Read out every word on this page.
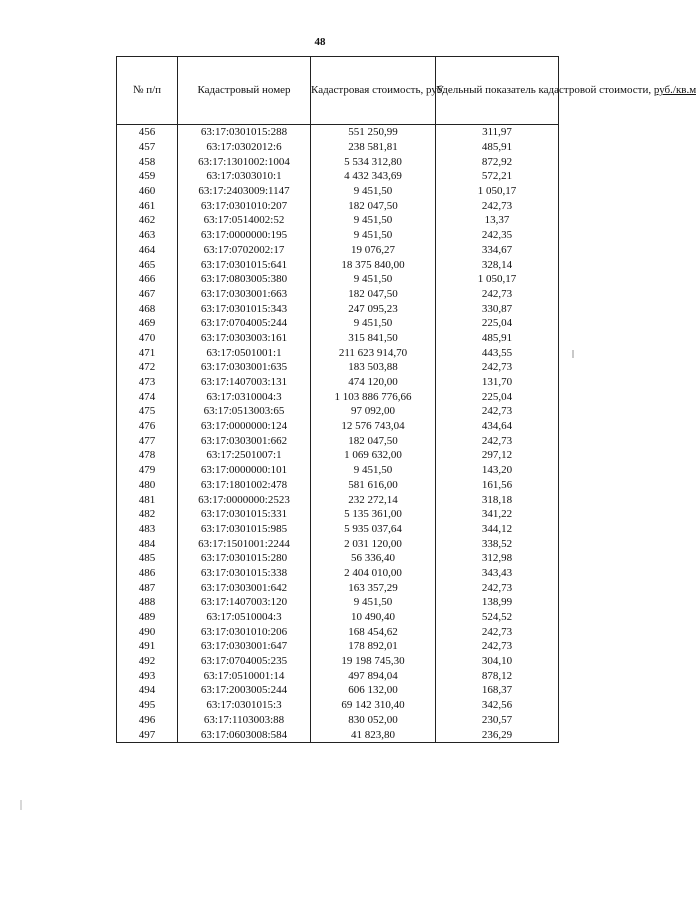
48
№ п/п	Кадастровый номер	Кадастровая стоимость, руб.	Удельный показатель кадастровой стоимости, руб./кв.м
456	63:17:0301015:288	551 250,99	311,97
457	63:17:0302012:6	238 581,81	485,91
458	63:17:1301002:1004	5 534 312,80	872,92
459	63:17:0303010:1	4 432 343,69	572,21
460	63:17:2403009:1147	9 451,50	1 050,17
461	63:17:0301010:207	182 047,50	242,73
462	63:17:0514002:52	9 451,50	13,37
463	63:17:0000000:195	9 451,50	242,35
464	63:17:0702002:17	19 076,27	334,67
465	63:17:0301015:641	18 375 840,00	328,14
466	63:17:0803005:380	9 451,50	1 050,17
467	63:17:0303001:663	182 047,50	242,73
468	63:17:0301015:343	247 095,23	330,87
469	63:17:0704005:244	9 451,50	225,04
470	63:17:0303003:161	315 841,50	485,91
471	63:17:0501001:1	211 623 914,70	443,55
472	63:17:0303001:635	183 503,88	242,73
473	63:17:1407003:131	474 120,00	131,70
474	63:17:0310004:3	1 103 886 776,66	225,04
475	63:17:0513003:65	97 092,00	242,73
476	63:17:0000000:124	12 576 743,04	434,64
477	63:17:0303001:662	182 047,50	242,73
478	63:17:2501007:1	1 069 632,00	297,12
479	63:17:0000000:101	9 451,50	143,20
480	63:17:1801002:478	581 616,00	161,56
481	63:17:0000000:2523	232 272,14	318,18
482	63:17:0301015:331	5 135 361,00	341,22
483	63:17:0301015:985	5 935 037,64	344,12
484	63:17:1501001:2244	2 031 120,00	338,52
485	63:17:0301015:280	56 336,40	312,98
486	63:17:0301015:338	2 404 010,00	343,43
487	63:17:0303001:642	163 357,29	242,73
488	63:17:1407003:120	9 451,50	138,99
489	63:17:0510004:3	10 490,40	524,52
490	63:17:0301010:206	168 454,62	242,73
491	63:17:0303001:647	178 892,01	242,73
492	63:17:0704005:235	19 198 745,30	304,10
493	63:17:0510001:14	497 894,04	878,12
494	63:17:2003005:244	606 132,00	168,37
495	63:17:0301015:3	69 142 310,40	342,56
496	63:17:1103003:88	830 052,00	230,57
497	63:17:0603008:584	41 823,80	236,29
